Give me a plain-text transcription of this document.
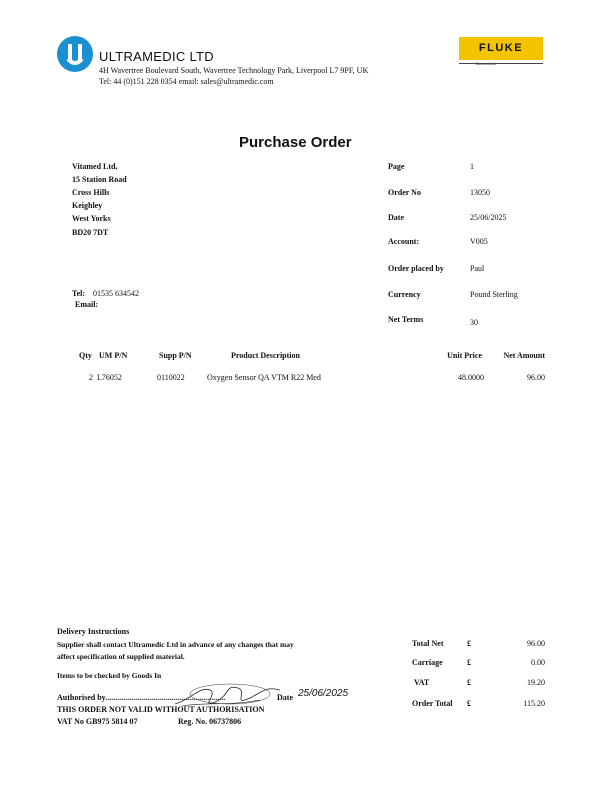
ULTRAMEDIC LTD
4H Wavertree Boulevard South, Wavertree Technology Park, Liverpool L7 9PF, UK
Tel: 44 (0)151 228 0354 email: sales@ultramedic.com
FLUKE
Biomedical
Purchase Order
Vitamed Ltd,
15 Station Road
Cross Hills
Keighley
West Yorks
BD20 7DT
Tel: 01535 634542
Email:
Page	1
Order No	13050
Date	25/06/2025
Account:	V005
Order placed by	Paul
Currency	Pound Sterling
Net Terms	30
Qty UM P/N	Supp P/N	Product Description	Unit Price	Net Amount
2 L76052	0110022	Oxygen Sensor QA VTM R22 Med	48.0000	96.00
Delivery Instructions
Supplier shall contact Ultramedic Ltd in advance of any changes that may
affect specification of supplied material.
Items to be checked by Goods In
Authorised by............................................................	Date 25/06/2025
THIS ORDER NOT VALID WITHOUT AUTHORISATION
VAT No GB975 5814 07	Reg. No. 06737806
Total Net	£	96.00
Carriage	£	0.00
VAT	£	19.20
Order Total £	115.20
